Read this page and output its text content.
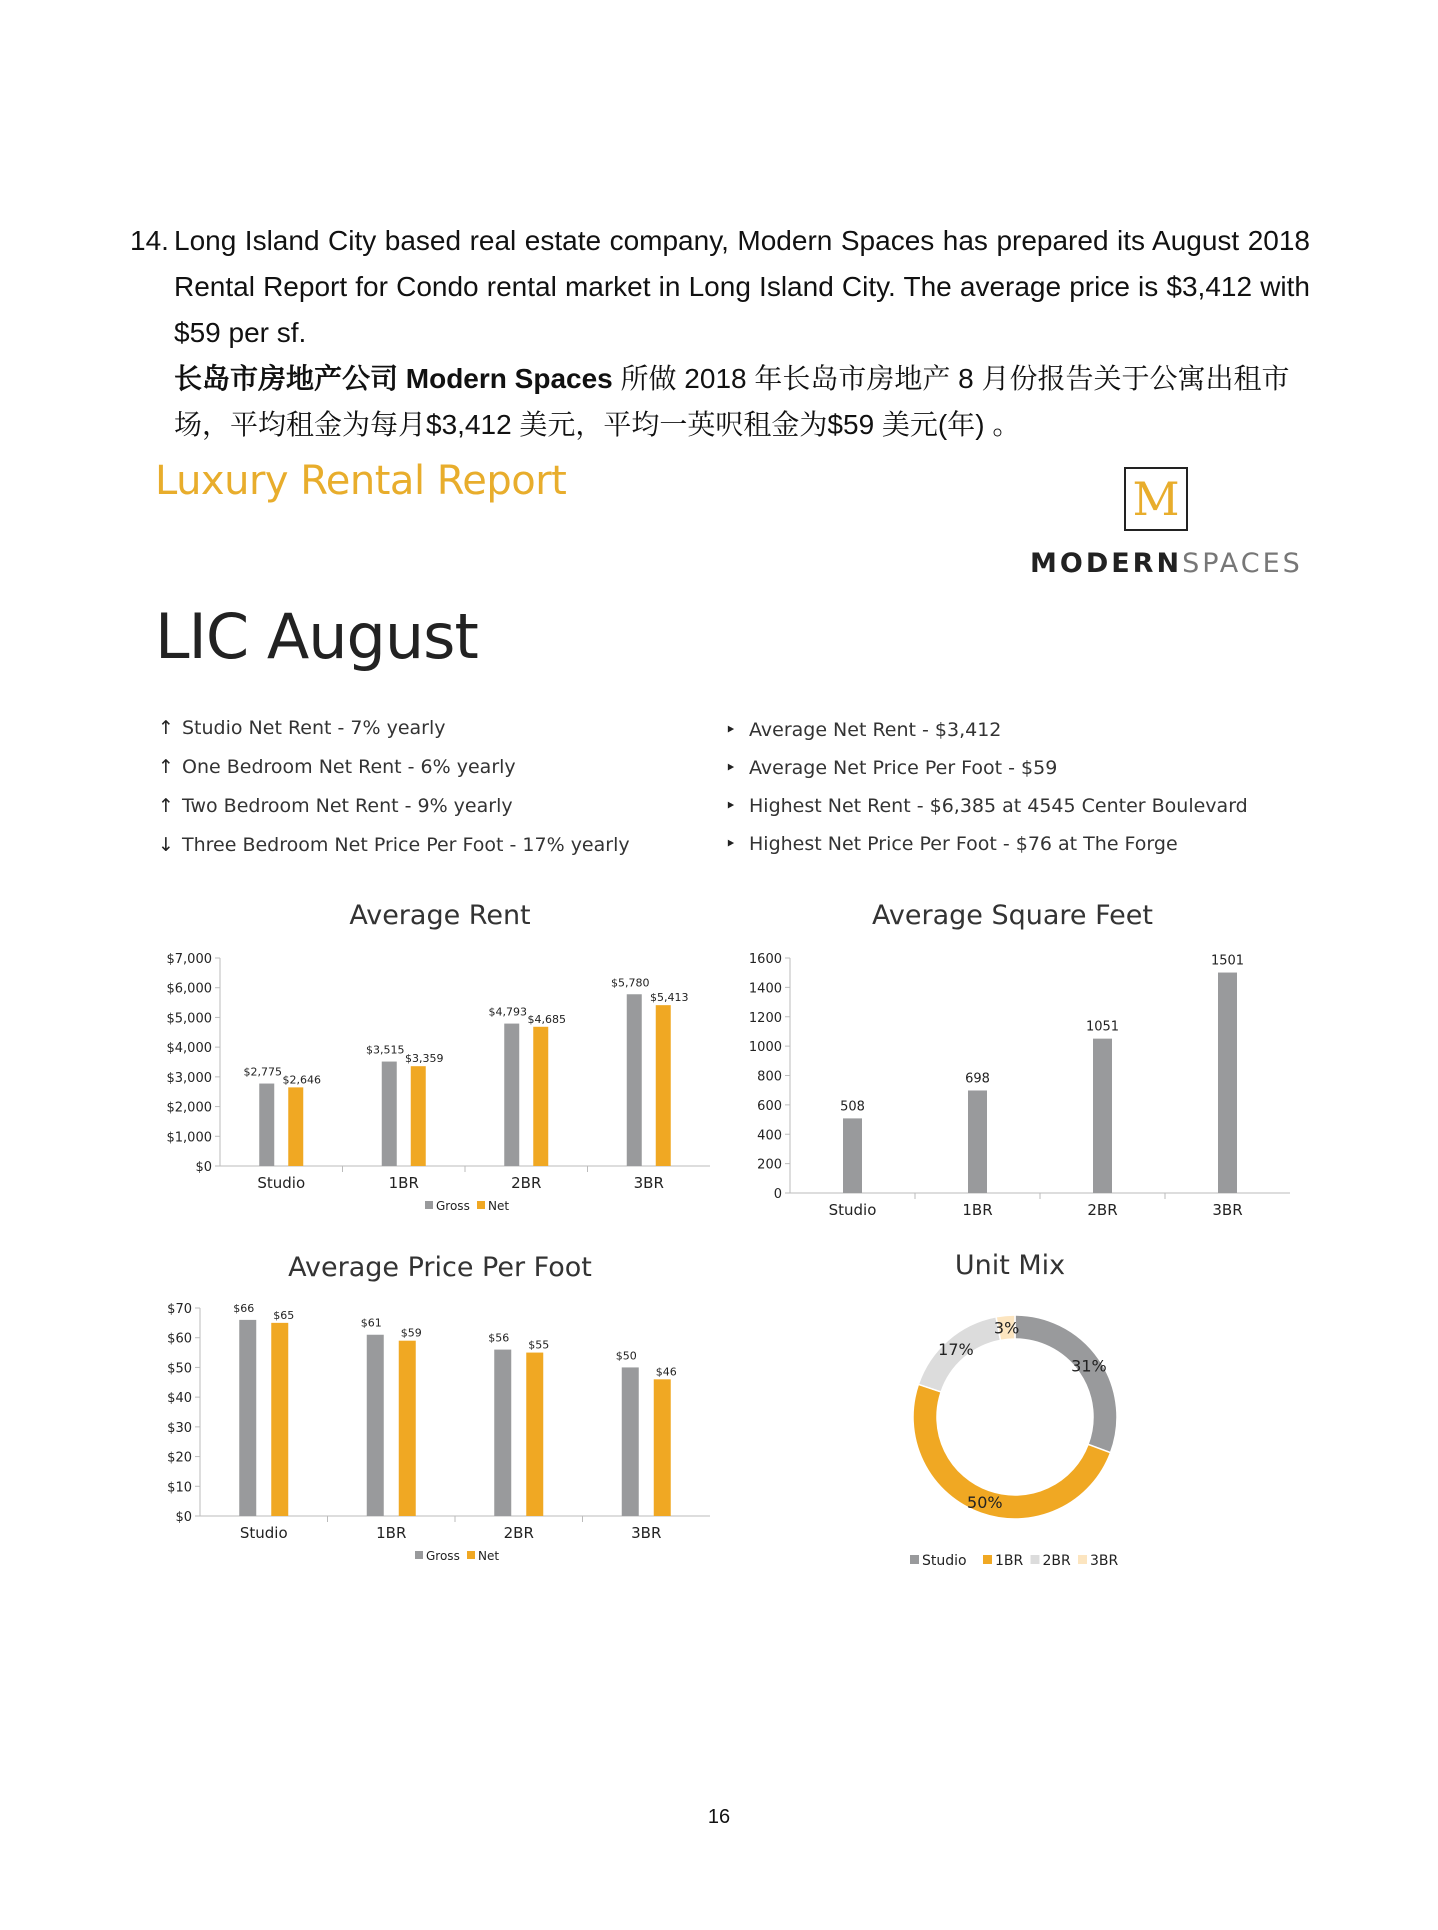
14. Long Island City based real estate company, Modern Spaces has prepared its August 2018 Rental Report for Condo rental market in Long Island City. The average price is $3,412 with $59 per sf.
长岛市房地产公司 Modern Spaces 所做 2018 年长岛市房地产 8 月份报告关于公寓出租市场，平均租金为每月$3,412 美元，平均一英呎租金为$59 美元(年) 。
Luxury Rental Report	M
MODERNSPACES
LIC August
↑ Studio Net Rent - 7% yearly
↑ One Bedroom Net Rent - 6% yearly
↑ Two Bedroom Net Rent - 9% yearly
↓ Three Bedroom Net Price Per Foot - 17% yearly
‣ Average Net Rent - $3,412
‣ Average Net Price Per Foot - $59
‣ Highest Net Rent - $6,385 at 4545 Center Boulevard
‣ Highest Net Price Per Foot - $76 at The Forge
Average Rent	Average Square Feet
Average Price Per Foot	Unit Mix
$0
$1,000
$2,000
$3,000
$4,000
$5,000
$6,000
$7,000
Studio
$2,775
$2,646
1BR
$3,515
$3,359
2BR
$4,793
$4,685
3BR
$5,780
$5,413
Gross Net
0
200
400
600
800
1000
1200
1400
1600
Studio
508
1BR
698
2BR
1051
3BR
1501
$0
$10
$20
$30
$40
$50
$60
$70
Studio
$66
$65
1BR
$61
$59
2BR
$56
$55
3BR
$50
$46
Gross Net
31%
50%
17%
3%
Studio 1BR 2BR 3BR
16
